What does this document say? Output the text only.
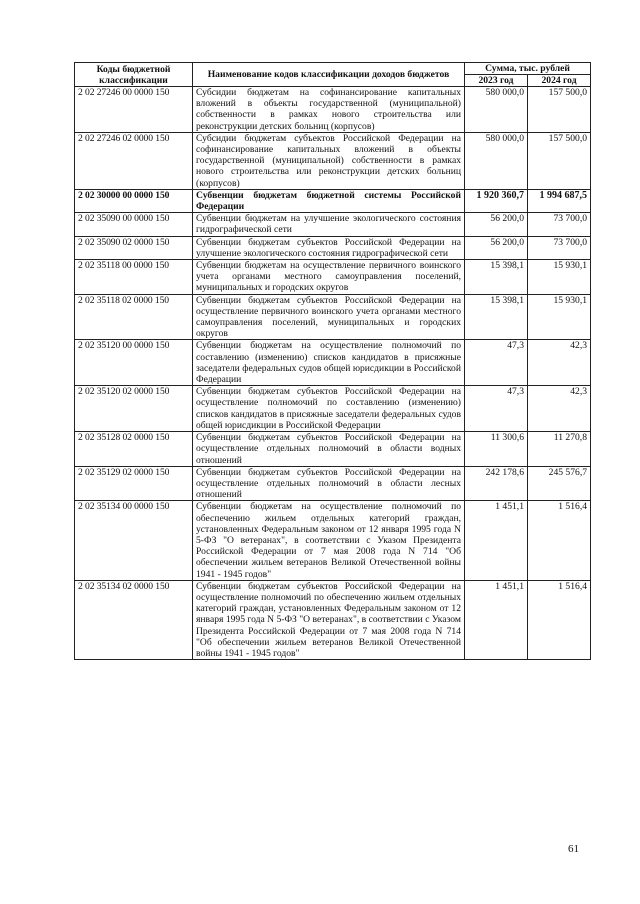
Коды бюджетной классификации	Наименование кодов классификации доходов бюджетов	Сумма, тыс. рублей	
		2023 год	2024 год
2 02 27246 00 0000 150	Субсидии бюджетам на софинансирование капитальных вложений в объекты государственной (муниципальной) собственности в рамках нового строительства или реконструкции детских больниц (корпусов)	580 000,0	157 500,0
2 02 27246 02 0000 150	Субсидии бюджетам субъектов Российской Федерации на софинансирование капитальных вложений в объекты государственной (муниципальной) собственности в рамках нового строительства или реконструкции детских больниц (корпусов)	580 000,0	157 500,0
2 02 30000 00 0000 150	Субвенции бюджетам бюджетной системы Российской Федерации	1 920 360,7	1 994 687,5
2 02 35090 00 0000 150	Субвенции бюджетам на улучшение экологического состояния гидрографической сети	56 200,0	73 700,0
2 02 35090 02 0000 150	Субвенции бюджетам субъектов Российской Федерации на улучшение экологического состояния гидрографической сети	56 200,0	73 700,0
2 02 35118 00 0000 150	Субвенции бюджетам на осуществление первичного воинского учета органами местного самоуправления поселений, муниципальных и городских округов	15 398,1	15 930,1
2 02 35118 02 0000 150	Субвенции бюджетам субъектов Российской Федерации на осуществление первичного воинского учета органами местного самоуправления поселений, муниципальных и городских округов	15 398,1	15 930,1
2 02 35120 00 0000 150	Субвенции бюджетам на осуществление полномочий по составлению (изменению) списков кандидатов в присяжные заседатели федеральных судов общей юрисдикции в Российской Федерации	47,3	42,3
2 02 35120 02 0000 150	Субвенции бюджетам субъектов Российской Федерации на осуществление полномочий по составлению (изменению) списков кандидатов в присяжные заседатели федеральных судов общей юрисдикции в Российской Федерации	47,3	42,3
2 02 35128 02 0000 150	Субвенции бюджетам субъектов Российской Федерации на осуществление отдельных полномочий в области водных отношений	11 300,6	11 270,8
2 02 35129 02 0000 150	Субвенции бюджетам субъектов Российской Федерации на осуществление отдельных полномочий в области лесных отношений	242 178,6	245 576,7
2 02 35134 00 0000 150	Субвенции бюджетам на осуществление полномочий по обеспечению жильем отдельных категорий граждан, установленных Федеральным законом от 12 января 1995 года N 5-ФЗ "О ветеранах", в соответствии с Указом Президента Российской Федерации от 7 мая 2008 года N 714 "Об обеспечении жильем ветеранов Великой Отечественной войны 1941 - 1945 годов"	1 451,1	1 516,4
2 02 35134 02 0000 150	Субвенции бюджетам субъектов Российской Федерации на осуществление полномочий по обеспечению жильем отдельных категорий граждан, установленных Федеральным законом от 12 января 1995 года N 5-ФЗ "О ветеранах", в соответствии с Указом Президента Российской Федерации от 7 мая 2008 года N 714 "Об обеспечении жильем ветеранов Великой Отечественной войны 1941 - 1945 годов"	1 451,1	1 516,4
61
